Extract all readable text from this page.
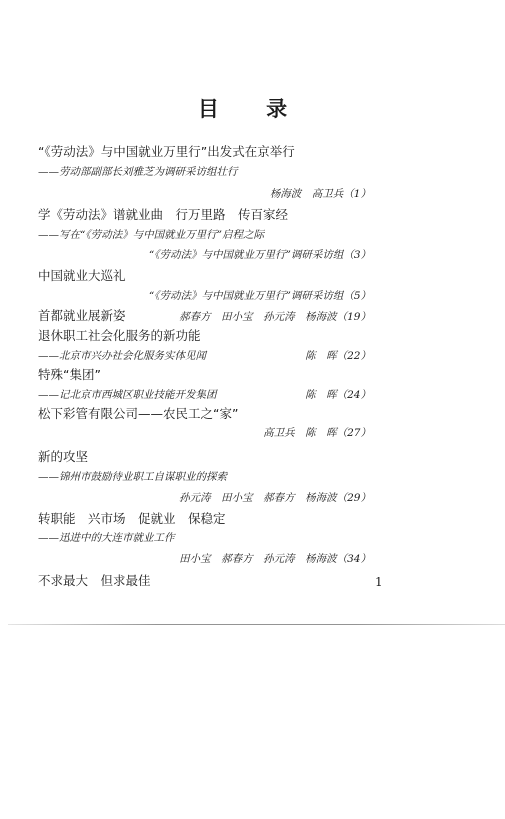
目 录
“《劳动法》与中国就业万里行”出发式在京举行
——劳动部副部长刘雅芝为调研采访组壮行
杨海波　高卫兵（1）
学《劳动法》谱就业曲　行万里路　传百家经
——写在“《劳动法》与中国就业万里行”启程之际
“《劳动法》与中国就业万里行”调研采访组（3）
中国就业大巡礼
“《劳动法》与中国就业万里行”调研采访组（5）
首都就业展新姿	郝春方　田小宝　孙元涛　杨海波（19）
退休职工社会化服务的新功能
——北京市兴办社会化服务实体见闻	陈　晖（22）
特殊“集团”
——记北京市西城区职业技能开发集团	陈　晖（24）
松下彩管有限公司——农民工之“家”
高卫兵　陈　晖（27）
新的攻坚
——锦州市鼓励待业职工自谋职业的探索
孙元涛　田小宝　郝春方　杨海波（29）
转职能　兴市场　促就业　保稳定
——迅进中的大连市就业工作
田小宝　郝春方　孙元涛　杨海波（34）
不求最大　但求最佳	1
